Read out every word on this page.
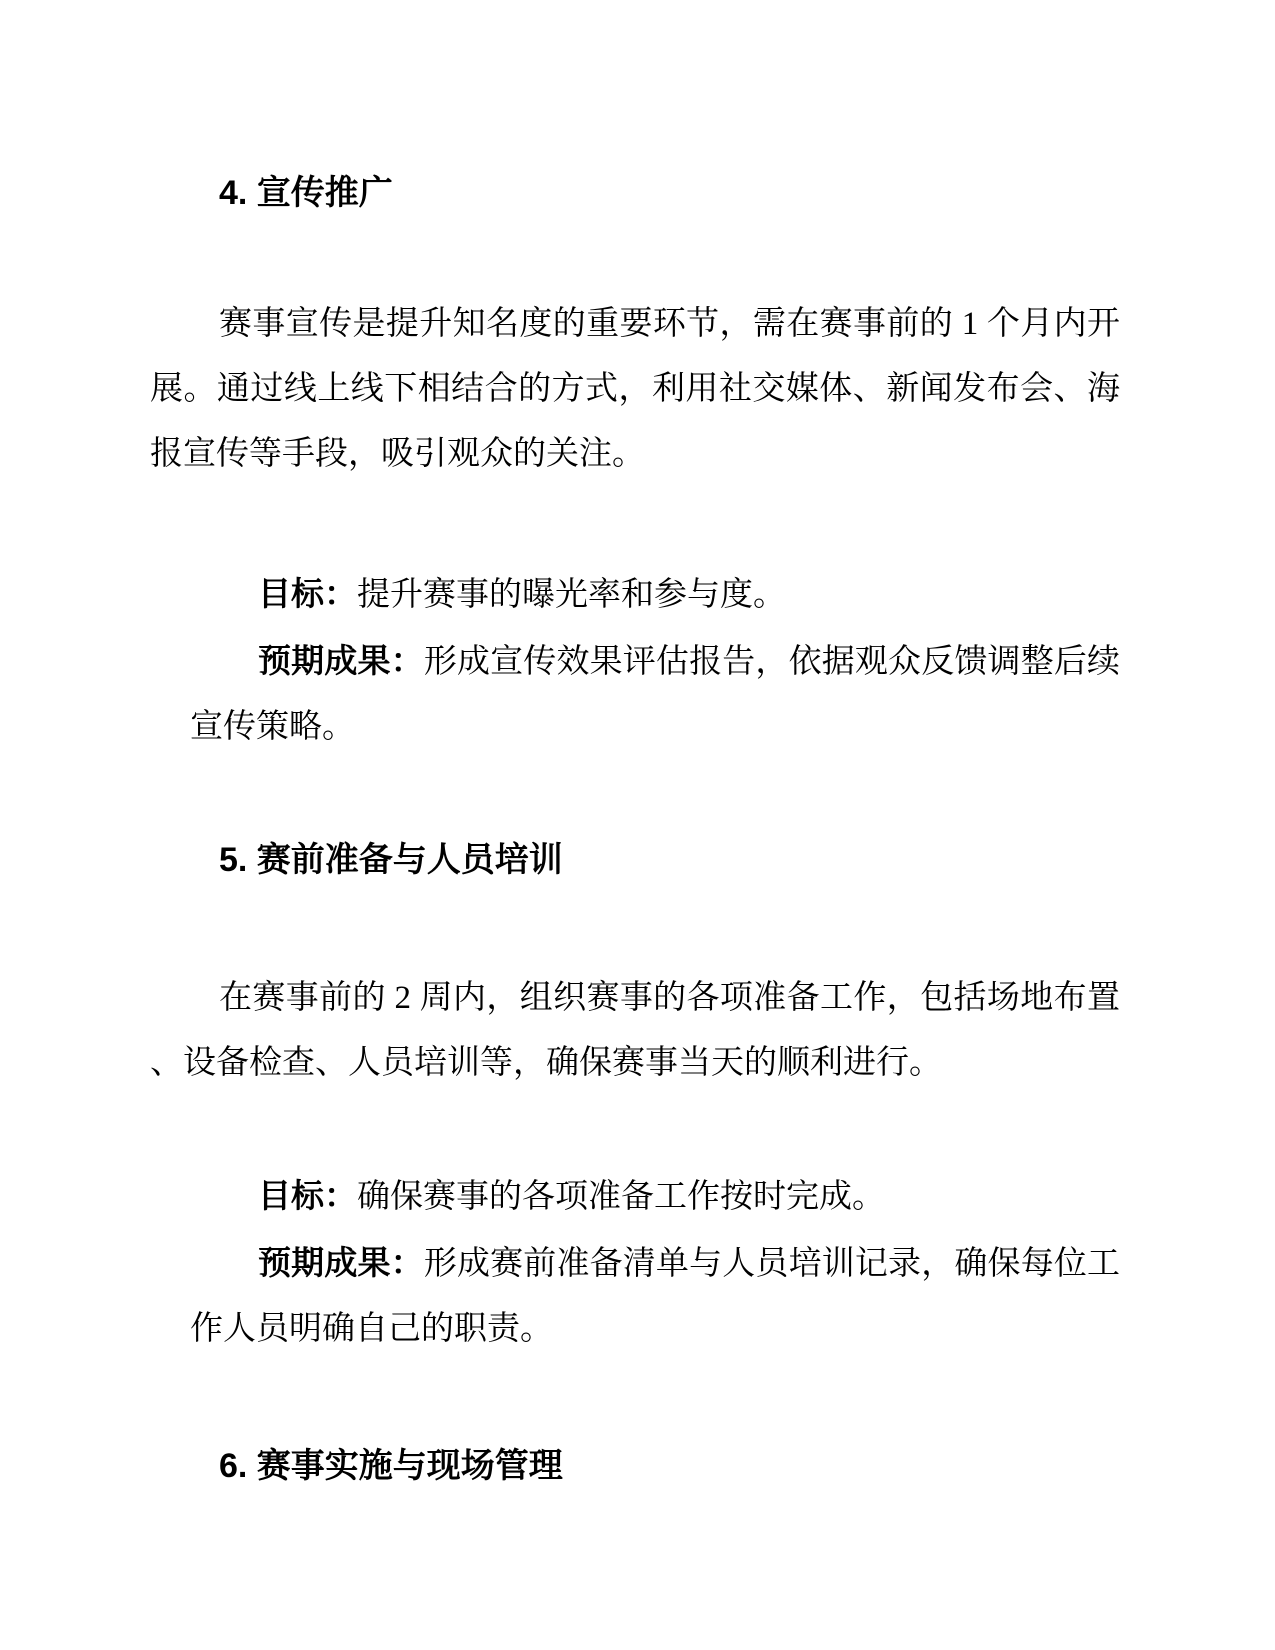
4. 宣传推广
赛事宣传是提升知名度的重要环节，需在赛事前的 1 个月内开
展。通过线上线下相结合的方式，利用社交媒体、新闻发布会、海
报宣传等手段，吸引观众的关注。
目标：提升赛事的曝光率和参与度。
预期成果：形成宣传效果评估报告，依据观众反馈调整后续
宣传策略。
5. 赛前准备与人员培训
在赛事前的 2 周内，组织赛事的各项准备工作，包括场地布置
、设备检查、人员培训等，确保赛事当天的顺利进行。
目标：确保赛事的各项准备工作按时完成。
预期成果：形成赛前准备清单与人员培训记录，确保每位工
作人员明确自己的职责。
6. 赛事实施与现场管理
